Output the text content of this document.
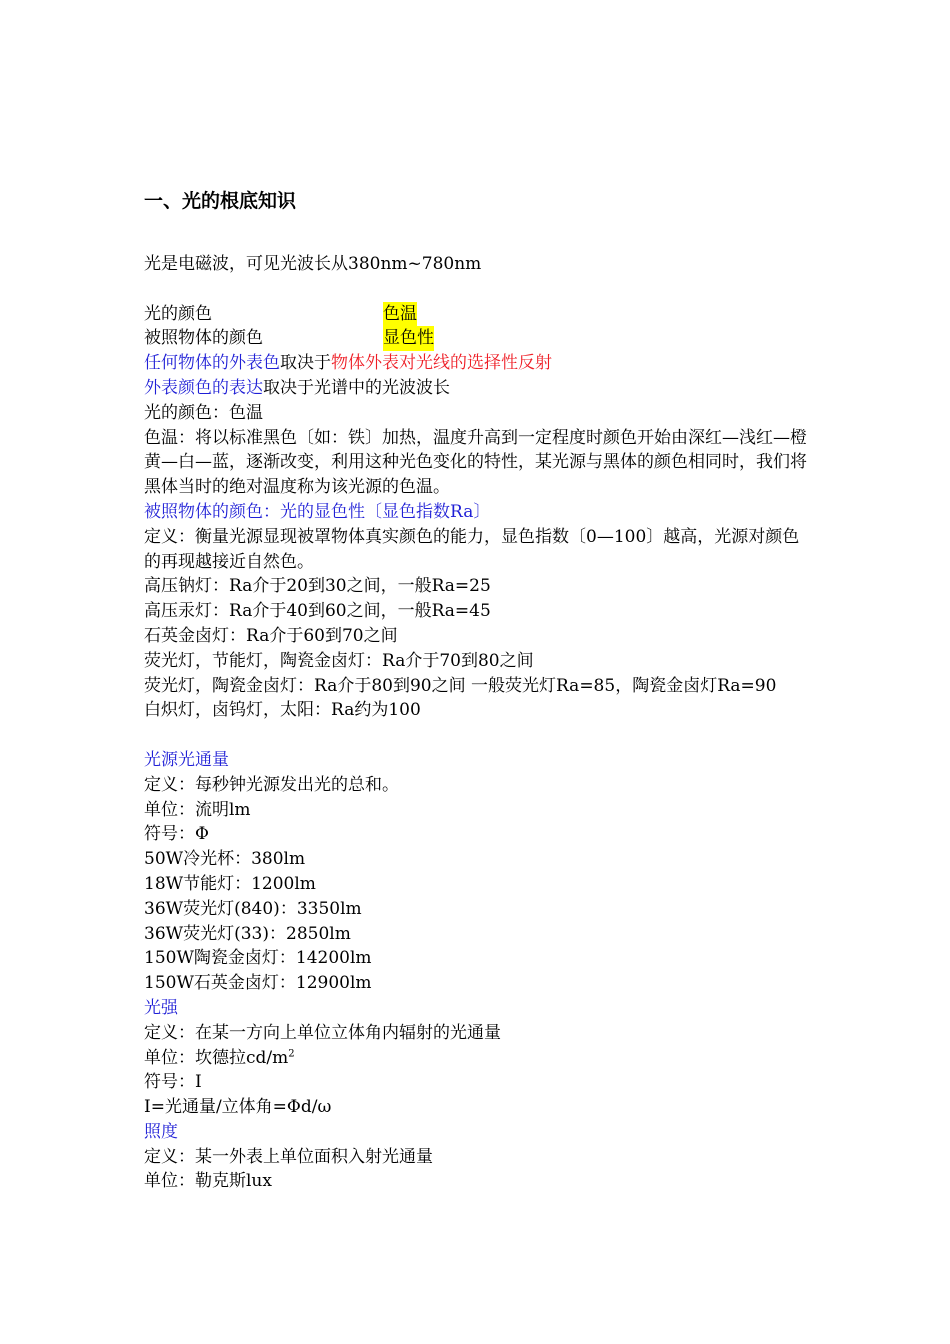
一、光的根底知识

光是电磁波，可见光波长从380nm~780nm

光的颜色	色温
被照物体的颜色	显色性

任何物体的外表色取决于物体外表对光线的选择性反射

外表颜色的表达取决于光谱中的光波波长

光的颜色：色温

色温：将以标准黑色〔如：铁〕加热，温度升高到一定程度时颜色开始由深红—浅红—橙黄—白—蓝，逐渐改变，利用这种光色变化的特性，某光源与黑体的颜色相同时，我们将黑体当时的绝对温度称为该光源的色温。

被照物体的颜色：光的显色性〔显色指数Ra〕

定义：衡量光源显现被罩物体真实颜色的能力，显色指数〔0—100〕越高，光源对颜色的再现越接近自然色。

高压钠灯：Ra介于20到30之间，一般Ra=25

高压汞灯：Ra介于40到60之间，一般Ra=45

石英金卤灯：Ra介于60到70之间

荧光灯，节能灯，陶瓷金卤灯：Ra介于70到80之间

荧光灯，陶瓷金卤灯：Ra介于80到90之间 一般荧光灯Ra=85，陶瓷金卤灯Ra=90

白炽灯，卤钨灯，太阳：Ra约为100

光源光通量

定义：每秒钟光源发出光的总和。

单位：流明lm

符号：Φ

50W冷光杯：380lm

18W节能灯：1200lm

36W荧光灯(840)：3350lm

36W荧光灯(33)：2850lm

150W陶瓷金卤灯：14200lm

150W石英金卤灯：12900lm

光强

定义：在某一方向上单位立体角内辐射的光通量

单位：坎德拉$cd/m^2$

符号：I

I=光通量/立体角=Φd/ω

照度

定义：某一外表上单位面积入射光通量

单位：勒克斯lux
